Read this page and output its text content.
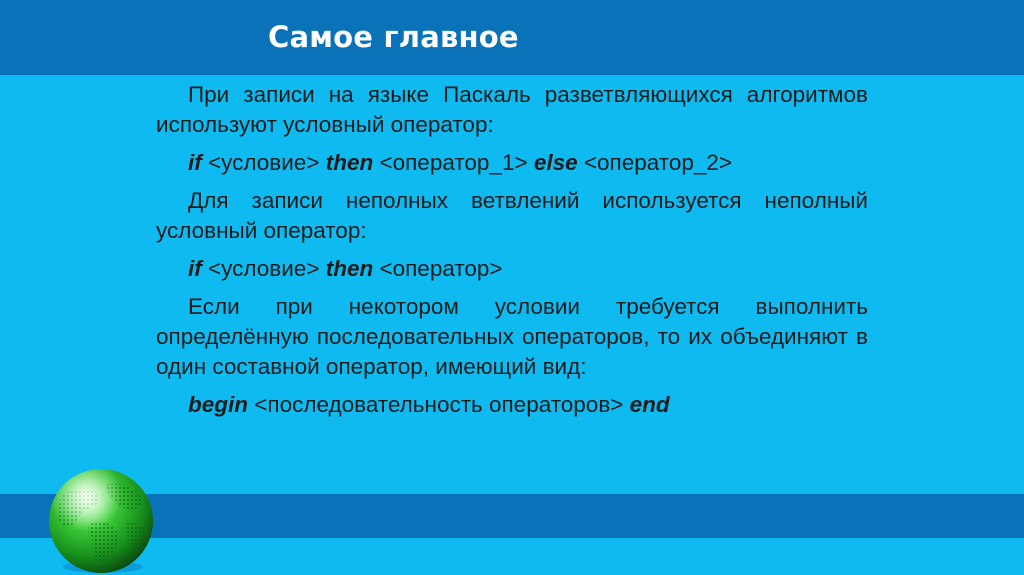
Самое главное

При записи на языке Паскаль разветвляющихся алгоритмов используют условный оператор:

if <условие> then <оператор_1> else <оператор_2>

Для записи неполных ветвлений используется неполный условный оператор:

if <условие> then <оператор>

Если при некотором условии требуется выполнить определённую последовательных операторов, то их объединяют в один составной оператор, имеющий вид:

begin <последовательность операторов> end
